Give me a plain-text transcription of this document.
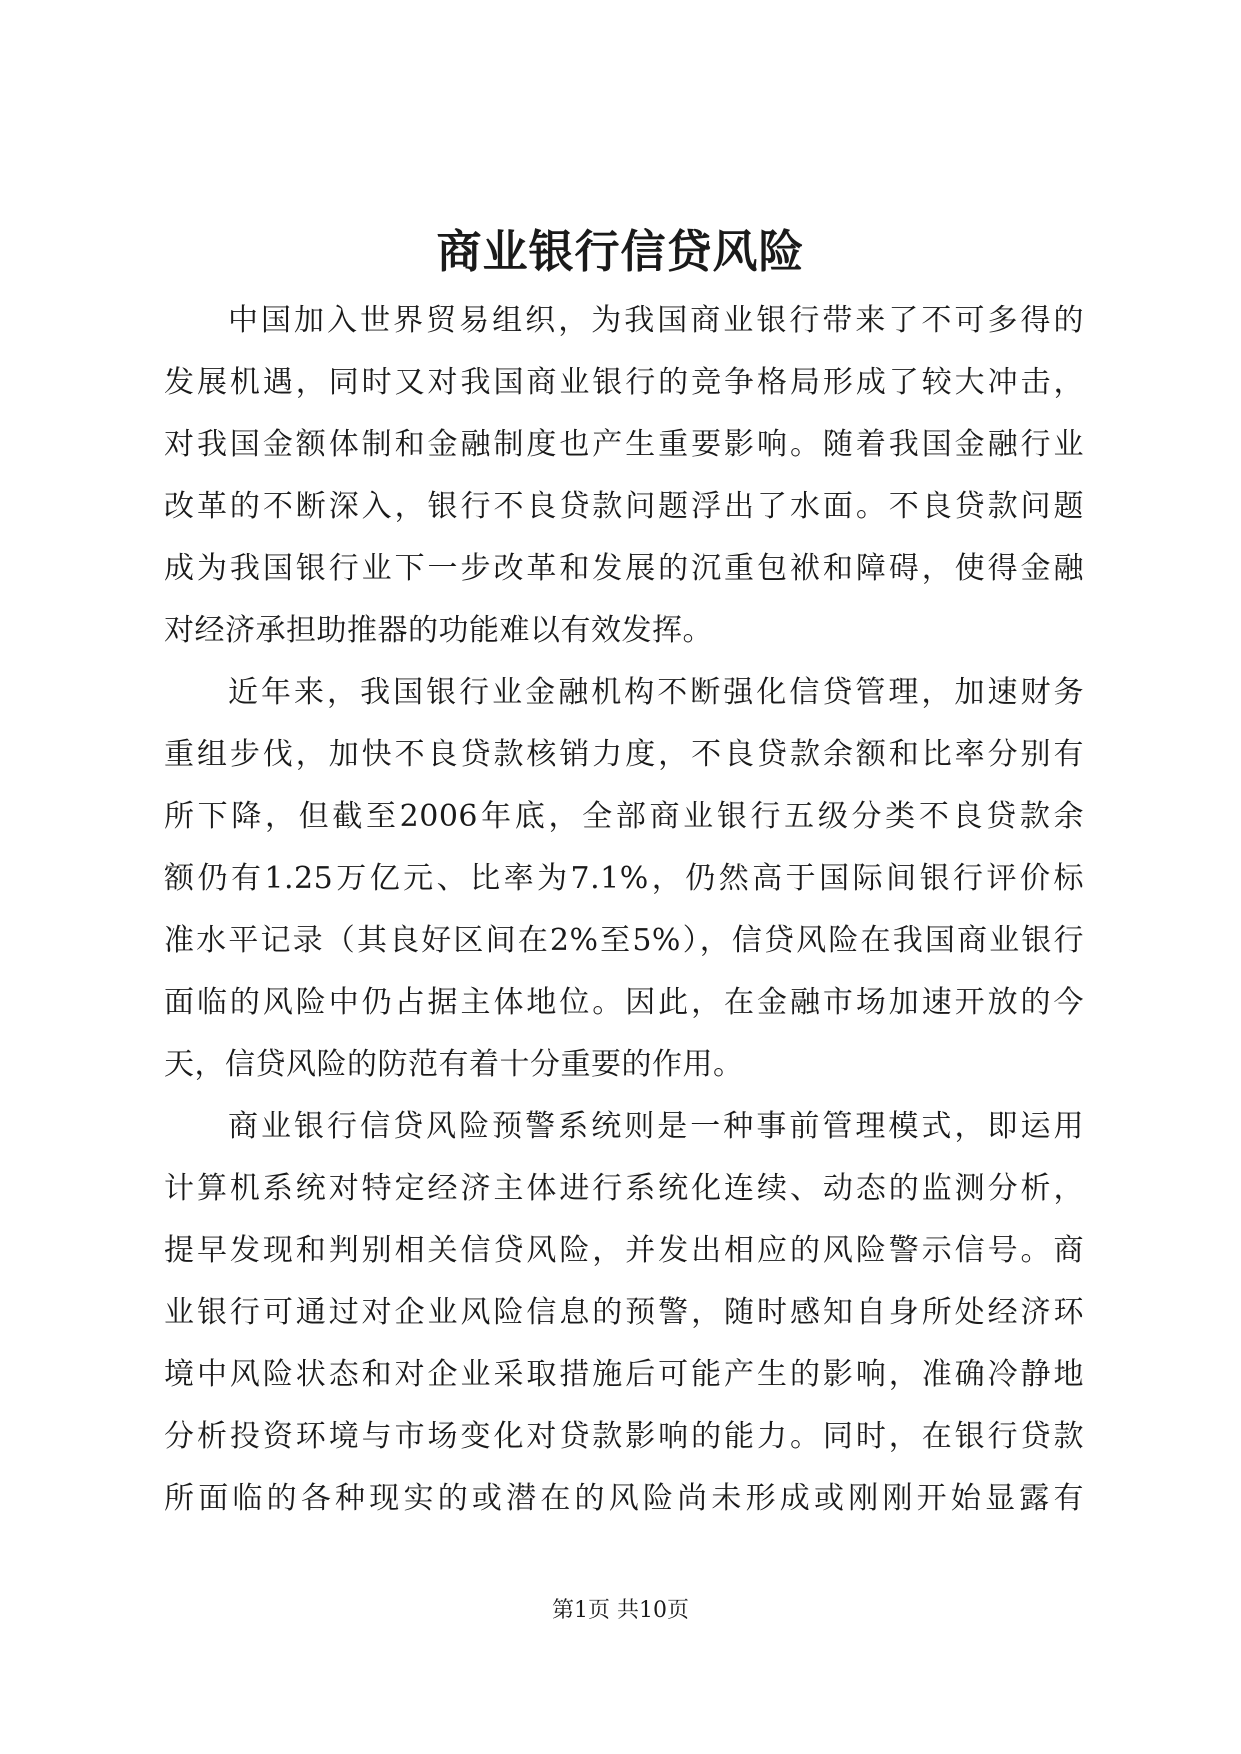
商业银行信贷风险
中国加入世界贸易组织，为我国商业银行带来了不可多得的
发展机遇，同时又对我国商业银行的竞争格局形成了较大冲击，
对我国金额体制和金融制度也产生重要影响。随着我国金融行业
改革的不断深入，银行不良贷款问题浮出了水面。不良贷款问题
成为我国银行业下一步改革和发展的沉重包袱和障碍，使得金融
对经济承担助推器的功能难以有效发挥。
近年来，我国银行业金融机构不断强化信贷管理，加速财务
重组步伐，加快不良贷款核销力度，不良贷款余额和比率分别有
所下降，但截至2006年底，全部商业银行五级分类不良贷款余
额仍有1.25万亿元、比率为7.1%，仍然高于国际间银行评价标
准水平记录（其良好区间在2%至5%），信贷风险在我国商业银行
面临的风险中仍占据主体地位。因此，在金融市场加速开放的今
天，信贷风险的防范有着十分重要的作用。
商业银行信贷风险预警系统则是一种事前管理模式，即运用
计算机系统对特定经济主体进行系统化连续、动态的监测分析，
提早发现和判别相关信贷风险，并发出相应的风险警示信号。商
业银行可通过对企业风险信息的预警，随时感知自身所处经济环
境中风险状态和对企业采取措施后可能产生的影响，准确冷静地
分析投资环境与市场变化对贷款影响的能力。同时，在银行贷款
所面临的各种现实的或潜在的风险尚未形成或刚刚开始显露有
第1页 共10页
